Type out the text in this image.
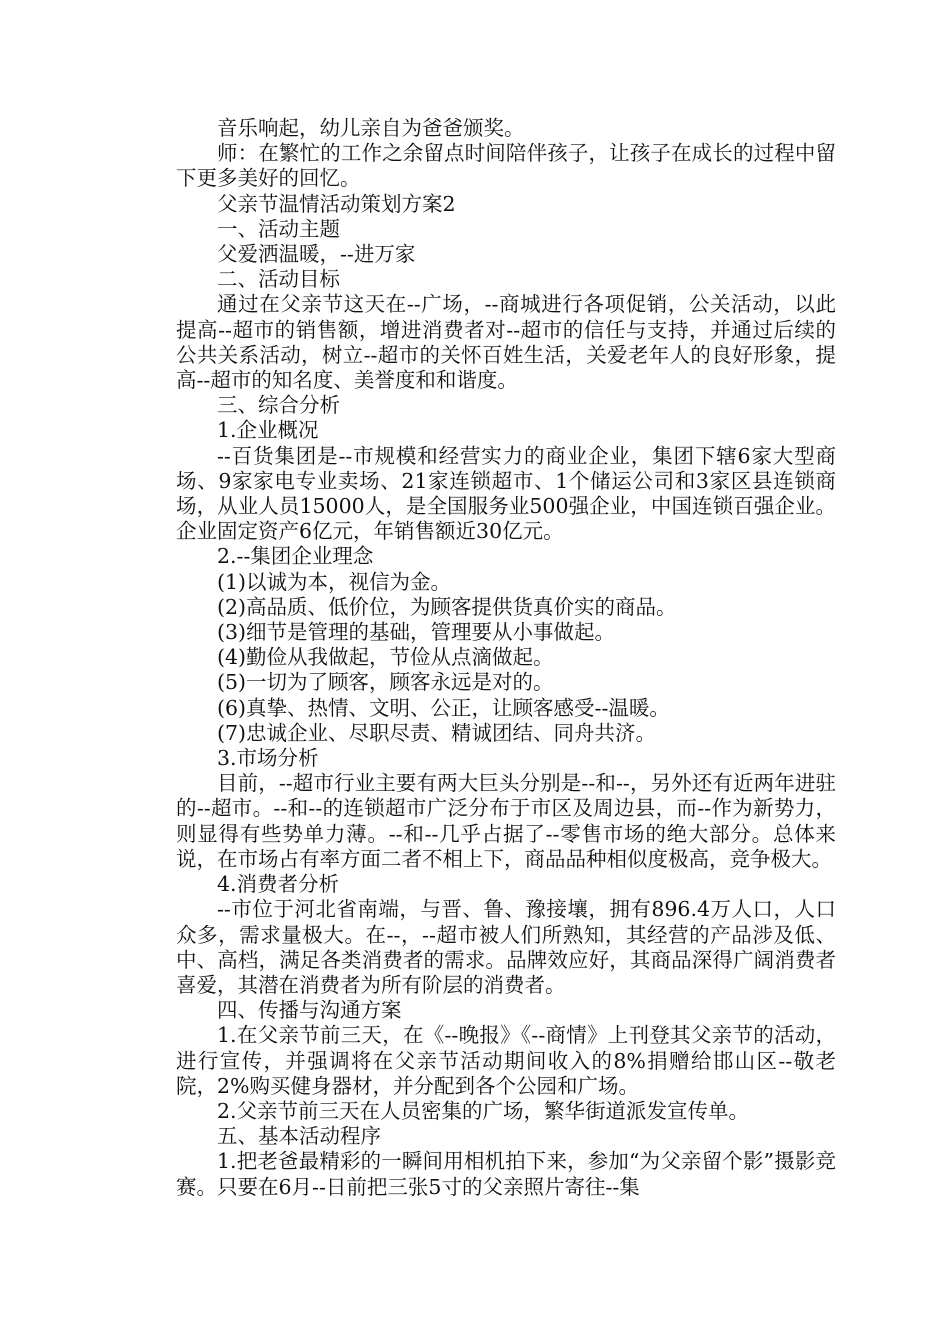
音乐响起，幼儿亲自为爸爸颁奖。

师：在繁忙的工作之余留点时间陪伴孩子，让孩子在成长的过程中留下更多美好的回忆。

父亲节温情活动策划方案2

一、活动主题

父爱洒温暖，--进万家

二、活动目标

通过在父亲节这天在--广场，--商城进行各项促销，公关活动，以此提高--超市的销售额，增进消费者对--超市的信任与支持，并通过后续的公共关系活动，树立--超市的关怀百姓生活，关爱老年人的良好形象，提高--超市的知名度、美誉度和和谐度。

三、综合分析

1.企业概况

--百货集团是--市规模和经营实力的商业企业，集团下辖6家大型商场、9家家电专业卖场、21家连锁超市、1个储运公司和3家区县连锁商场，从业人员15000人，是全国服务业500强企业，中国连锁百强企业。企业固定资产6亿元，年销售额近30亿元。

2.--集团企业理念

(1)以诚为本，视信为金。

(2)高品质、低价位，为顾客提供货真价实的商品。

(3)细节是管理的基础，管理要从小事做起。

(4)勤俭从我做起，节俭从点滴做起。

(5)一切为了顾客，顾客永远是对的。

(6)真挚、热情、文明、公正，让顾客感受--温暖。

(7)忠诚企业、尽职尽责、精诚团结、同舟共济。

3.市场分析

目前，--超市行业主要有两大巨头分别是--和--，另外还有近两年进驻的--超市。--和--的连锁超市广泛分布于市区及周边县，而--作为新势力，则显得有些势单力薄。--和--几乎占据了--零售市场的绝大部分。总体来说，在市场占有率方面二者不相上下，商品品种相似度极高，竞争极大。

4.消费者分析

--市位于河北省南端，与晋、鲁、豫接壤，拥有896.4万人口，人口众多，需求量极大。在--，--超市被人们所熟知，其经营的产品涉及低、中、高档，满足各类消费者的需求。品牌效应好，其商品深得广阔消费者喜爱，其潜在消费者为所有阶层的消费者。

四、传播与沟通方案

1.在父亲节前三天，在《--晚报》《--商情》上刊登其父亲节的活动，进行宣传，并强调将在父亲节活动期间收入的8%捐赠给邯山区--敬老院，2%购买健身器材，并分配到各个公园和广场。

2.父亲节前三天在人员密集的广场，繁华街道派发宣传单。

五、基本活动程序

1.把老爸最精彩的一瞬间用相机拍下来，参加“为父亲留个影”摄影竞赛。只要在6月--日前把三张5寸的父亲照片寄往--集
